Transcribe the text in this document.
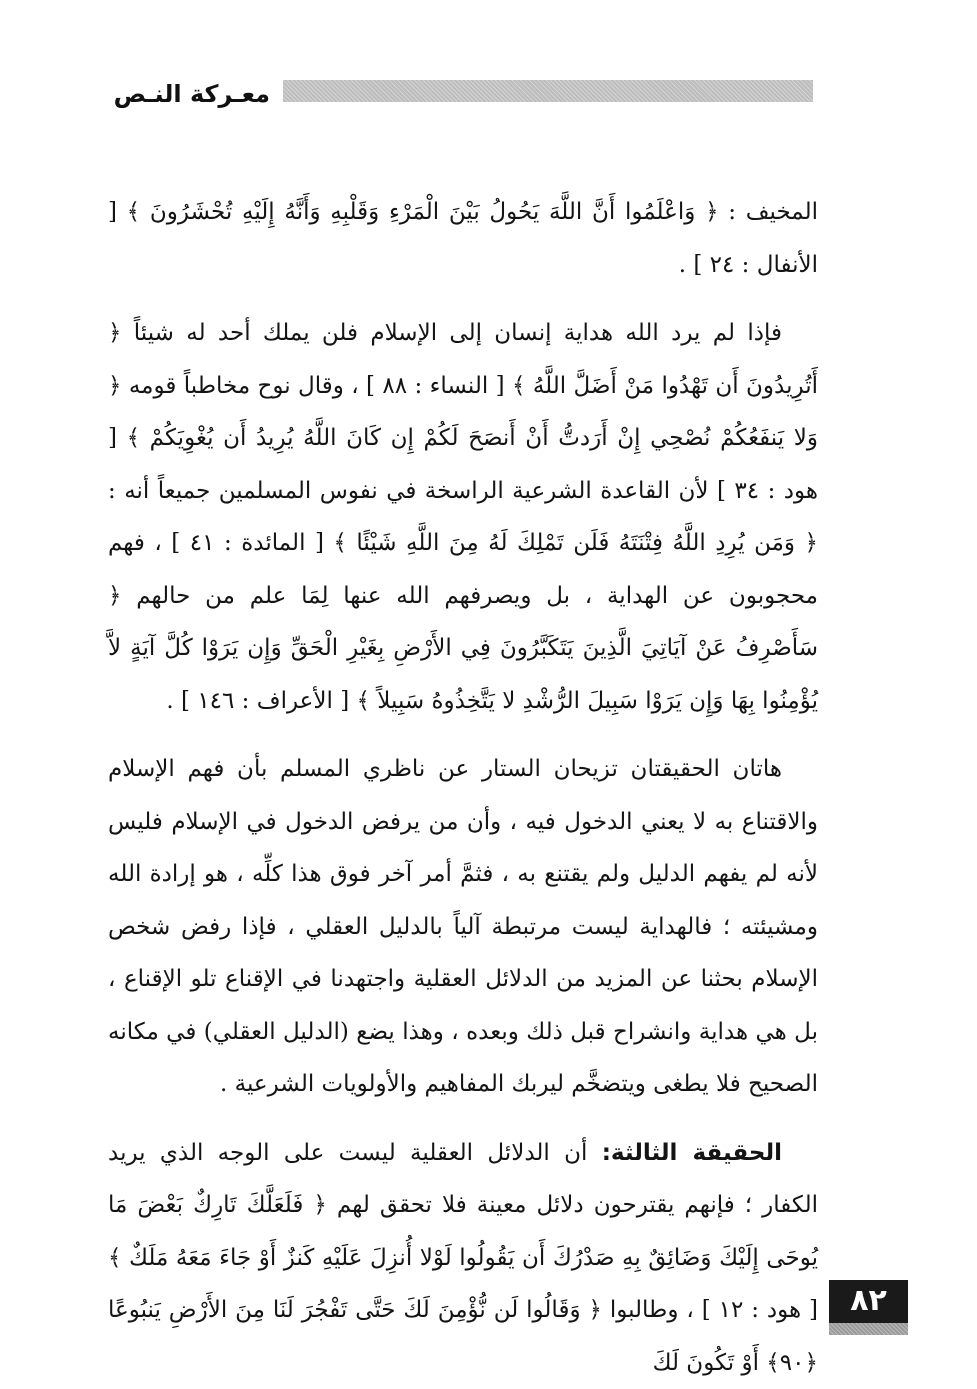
معـركة النـص

المخيف : ﴿ وَاعْلَمُوا أَنَّ اللَّهَ يَحُولُ بَيْنَ الْمَرْءِ وَقَلْبِهِ وَأَنَّهُ إِلَيْهِ تُحْشَرُونَ ﴾ [ الأنفال : ٢٤ ] .

فإذا لم يرد الله هداية إنسان إلى الإسلام فلن يملك أحد له شيئاً ﴿ أَتُرِيدُونَ أَن تَهْدُوا مَنْ أَضَلَّ اللَّهُ ﴾ [ النساء : ٨٨ ] ، وقال نوح مخاطباً قومه ﴿ وَلا يَنفَعُكُمْ نُصْحِي إِنْ أَرَدتُّ أَنْ أَنصَحَ لَكُمْ إِن كَانَ اللَّهُ يُرِيدُ أَن يُغْوِيَكُمْ ﴾ [ هود : ٣٤ ] لأن القاعدة الشرعية الراسخة في نفوس المسلمين جميعاً أنه : ﴿ وَمَن يُرِدِ اللَّهُ فِتْنَتَهُ فَلَن تَمْلِكَ لَهُ مِنَ اللَّهِ شَيْئًا ﴾ [ المائدة : ٤١ ] ، فهم محجوبون عن الهداية ، بل ويصرفهم الله عنها لِمَا علم من حالهم ﴿ سَأَصْرِفُ عَنْ آيَاتِيَ الَّذِينَ يَتَكَبَّرُونَ فِي الأَرْضِ بِغَيْرِ الْحَقِّ وَإِن يَرَوْا كُلَّ آيَةٍ لاَّ يُؤْمِنُوا بِهَا وَإِن يَرَوْا سَبِيلَ الرُّشْدِ لا يَتَّخِذُوهُ سَبِيلاً ﴾ [ الأعراف : ١٤٦ ] .

هاتان الحقيقتان تزيحان الستار عن ناظري المسلم بأن فهم الإسلام والاقتناع به لا يعني الدخول فيه ، وأن من يرفض الدخول في الإسلام فليس لأنه لم يفهم الدليل ولم يقتنع به ، فثمَّ أمر آخر فوق هذا كلِّه ، هو إرادة الله ومشيئته ؛ فالهداية ليست مرتبطة آلياً بالدليل العقلي ، فإذا رفض شخص الإسلام بحثنا عن المزيد من الدلائل العقلية واجتهدنا في الإقناع تلو الإقناع ، بل هي هداية وانشراح قبل ذلك وبعده ، وهذا يضع (الدليل العقلي) في مكانه الصحيح فلا يطغى ويتضخَّم ليربك المفاهيم والأولويات الشرعية .

الحقيقة الثالثة: أن الدلائل العقلية ليست على الوجه الذي يريد الكفار ؛ فإنهم يقترحون دلائل معينة فلا تحقق لهم ﴿ فَلَعَلَّكَ تَارِكٌ بَعْضَ مَا يُوحَى إِلَيْكَ وَضَائِقٌ بِهِ صَدْرُكَ أَن يَقُولُوا لَوْلا أُنزِلَ عَلَيْهِ كَنزٌ أَوْ جَاءَ مَعَهُ مَلَكٌ ﴾ [ هود : ١٢ ] ، وطالبوا ﴿ وَقَالُوا لَن نُّؤْمِنَ لَكَ حَتَّى تَفْجُرَ لَنَا مِنَ الأَرْضِ يَنبُوعًا ﴿٩٠﴾ أَوْ تَكُونَ لَكَ

٨٢
